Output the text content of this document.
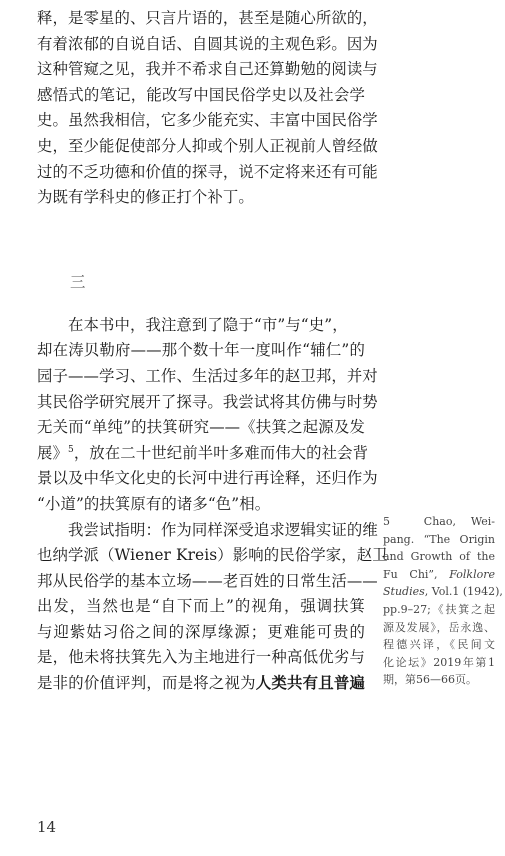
释，是零星的、只言片语的，甚至是随心所欲的，
有着浓郁的自说自话、自圆其说的主观色彩。因为
这种管窥之见，我并不希求自己还算勤勉的阅读与
感悟式的笔记，能改写中国民俗学史以及社会学
史。虽然我相信，它多少能充实、丰富中国民俗学
史，至少能促使部分人抑或个别人正视前人曾经做
过的不乏功德和价值的探寻，说不定将来还有可能
为既有学科史的修正打个补丁。
在本书中，我注意到了隐于“市”与“史”，
却在涛贝勒府——那个数十年一度叫作“辅仁”的
园子——学习、工作、生活过多年的赵卫邦，并对
其民俗学研究展开了探寻。我尝试将其仿佛与时势
无关而“单纯”的扶箕研究——《扶箕之起源及发
展》$^5$，放在二十世纪前半叶多难而伟大的社会背
景以及中华文化史的长河中进行再诠释，还归作为
“小道”的扶箕原有的诸多“色”相。
我尝试指明：作为同样深受追求逻辑实证的维
也纳学派（Wiener Kreis）影响的民俗学家，赵卫
邦从民俗学的基本立场——老百姓的日常生活——
出发，当然也是“自下而上”的视角，强调扶箕
与迎紫姑习俗之间的深厚缘源；更难能可贵的
是，他未将扶箕先入为主地进行一种高低优劣与
是非的价值评判，而是将之视为人类共有且普遍
三
5　Chao, Wei-
pang. “The Origin
and Growth of the
Fu Chi”, Folklore
Studies, Vol.1 (1942),
pp.9–27;《扶箕之起
源及发展》，岳永逸、
程德兴译，《民间文
化论坛》2019年第1
期，第56—66页。
14
